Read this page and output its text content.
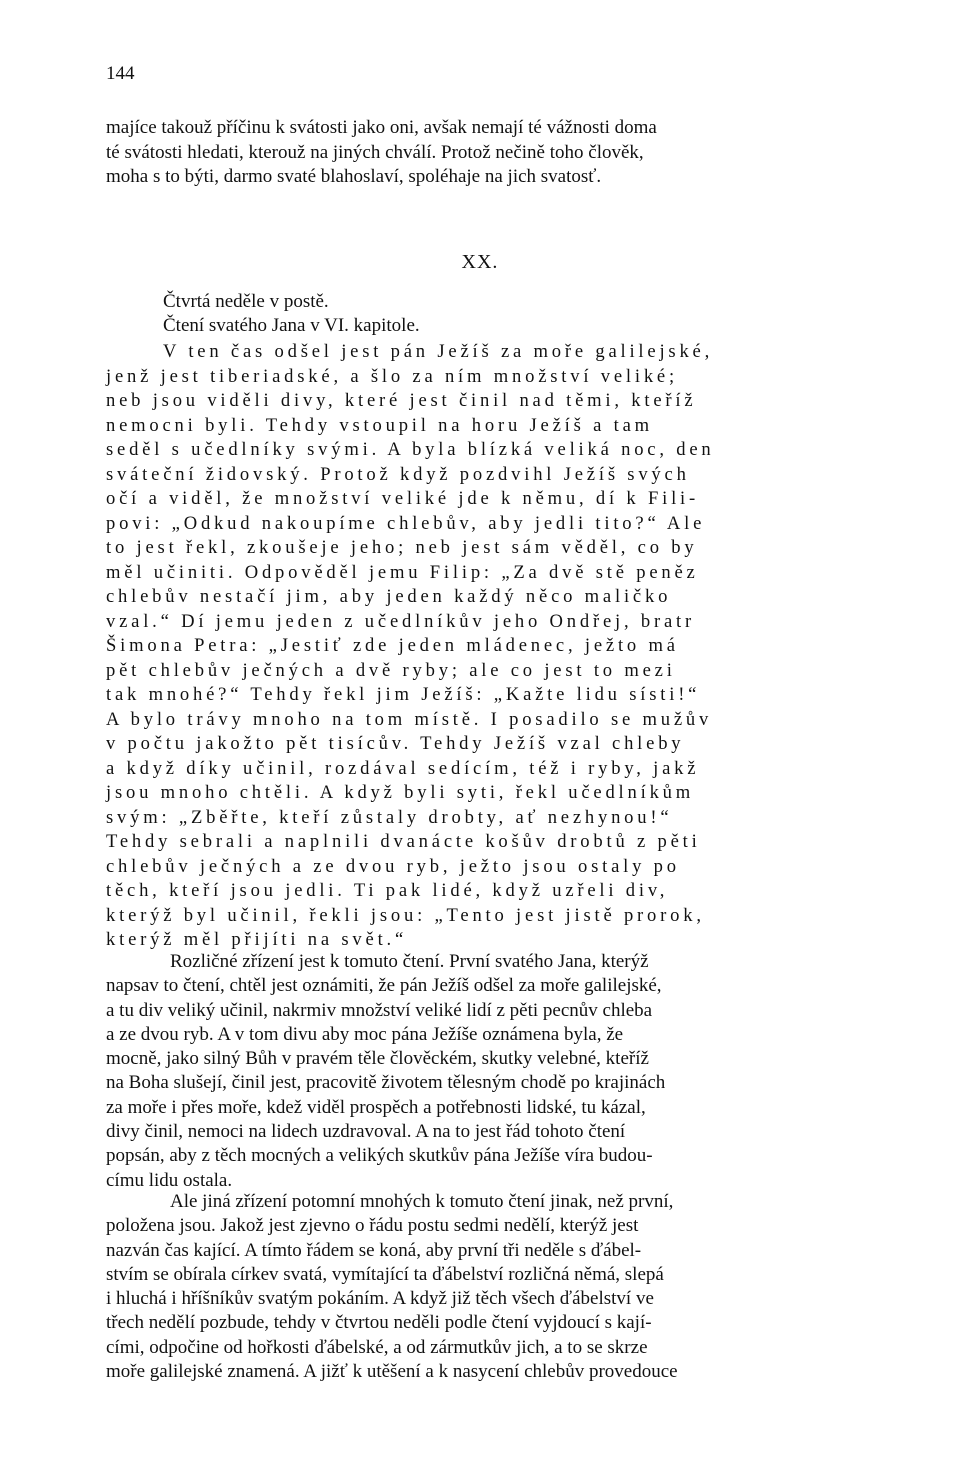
144
majíce takouž příčinu k svátosti jako oni, avšak nemají té vážnosti doma
té svátosti hledati, kterouž na jiných chválí. Protož nečině toho člověk,
moha s to býti, darmo svaté blahoslaví, spoléhaje na jich svatosť.
XX.
Čtvrtá neděle v postě.
Čtení svatého Jana v VI. kapitole.
V ten čas odšel jest pán Ježíš za moře galilejské,
jenž jest tiberiadské, a šlo za ním množství veliké;
neb jsou viděli divy, které jest činil nad těmi, kteříž
nemocni byli. Tehdy vstoupil na horu Ježíš a tam
seděl s učedlníky svými. A byla blízká veliká noc, den
sváteční židovský. Protož když pozdvihl Ježíš svých
očí a viděl, že množství veliké jde k němu, dí k Fili-
povi: „Odkud nakoupíme chlebův, aby jedli tito?“ Ale
to jest řekl, zkoušeje jeho; neb jest sám věděl, co by
měl učiniti. Odpověděl jemu Filip: „Za dvě stě peněz
chlebův nestačí jim, aby jeden každý něco maličko
vzal.“ Dí jemu jeden z učedlníkův jeho Ondřej, bratr
Šimona Petra: „Jestiť zde jeden mládenec, ježto má
pět chlebův ječných a dvě ryby; ale co jest to mezi
tak mnohé?“ Tehdy řekl jim Ježíš: „Kažte lidu sísti!“
A bylo trávy mnoho na tom místě. I posadilo se mužův
v počtu jakožto pět tisícův. Tehdy Ježíš vzal chleby
a když díky učinil, rozdával sedícím, též i ryby, jakž
jsou mnoho chtěli. A když byli syti, řekl učedlníkům
svým: „Zběřte, kteří zůstaly drobty, ať nezhynou!“
Tehdy sebrali a naplnili dvanácte košův drobtů z pěti
chlebův ječných a ze dvou ryb, ježto jsou ostaly po
těch, kteří jsou jedli. Ti pak lidé, když uzřeli div,
kterýž byl učinil, řekli jsou: „Tento jest jistě prorok,
kterýž měl přijíti na svět.“
Rozličné zřízení jest k tomuto čtení. První svatého Jana, kterýž
napsav to čtení, chtěl jest oznámiti, že pán Ježíš odšel za moře galilejské,
a tu div veliký učinil, nakrmiv množství veliké lidí z pěti pecnův chleba
a ze dvou ryb. A v tom divu aby moc pána Ježíše oznámena byla, že
mocně, jako silný Bůh v pravém těle člověckém, skutky velebné, kteříž
na Boha slušejí, činil jest, pracovitě životem tělesným chodě po krajinách
za moře i přes moře, kdež viděl prospěch a potřebnosti lidské, tu kázal,
divy činil, nemoci na lidech uzdravoval. A na to jest řád tohoto čtení
popsán, aby z těch mocných a velikých skutkův pána Ježíše víra budou-
címu lidu ostala.
Ale jiná zřízení potomní mnohých k tomuto čtení jinak, než první,
položena jsou. Jakož jest zjevno o řádu postu sedmi nedělí, kterýž jest
nazván čas kající. A tímto řádem se koná, aby první tři neděle s ďábel-
stvím se obírala církev svatá, vymítající ta ďábelství rozličná němá, slepá
i hluchá i hříšníkův svatým pokáním. A když již těch všech ďábelství ve
třech nedělí pozbude, tehdy v čtvrtou neděli podle čtení vyjdoucí s kají-
cími, odpočine od hořkosti ďábelské, a od zármutkův jich, a to se skrze
moře galilejské znamená. A jižť k utěšení a k nasycení chlebův provedouce
